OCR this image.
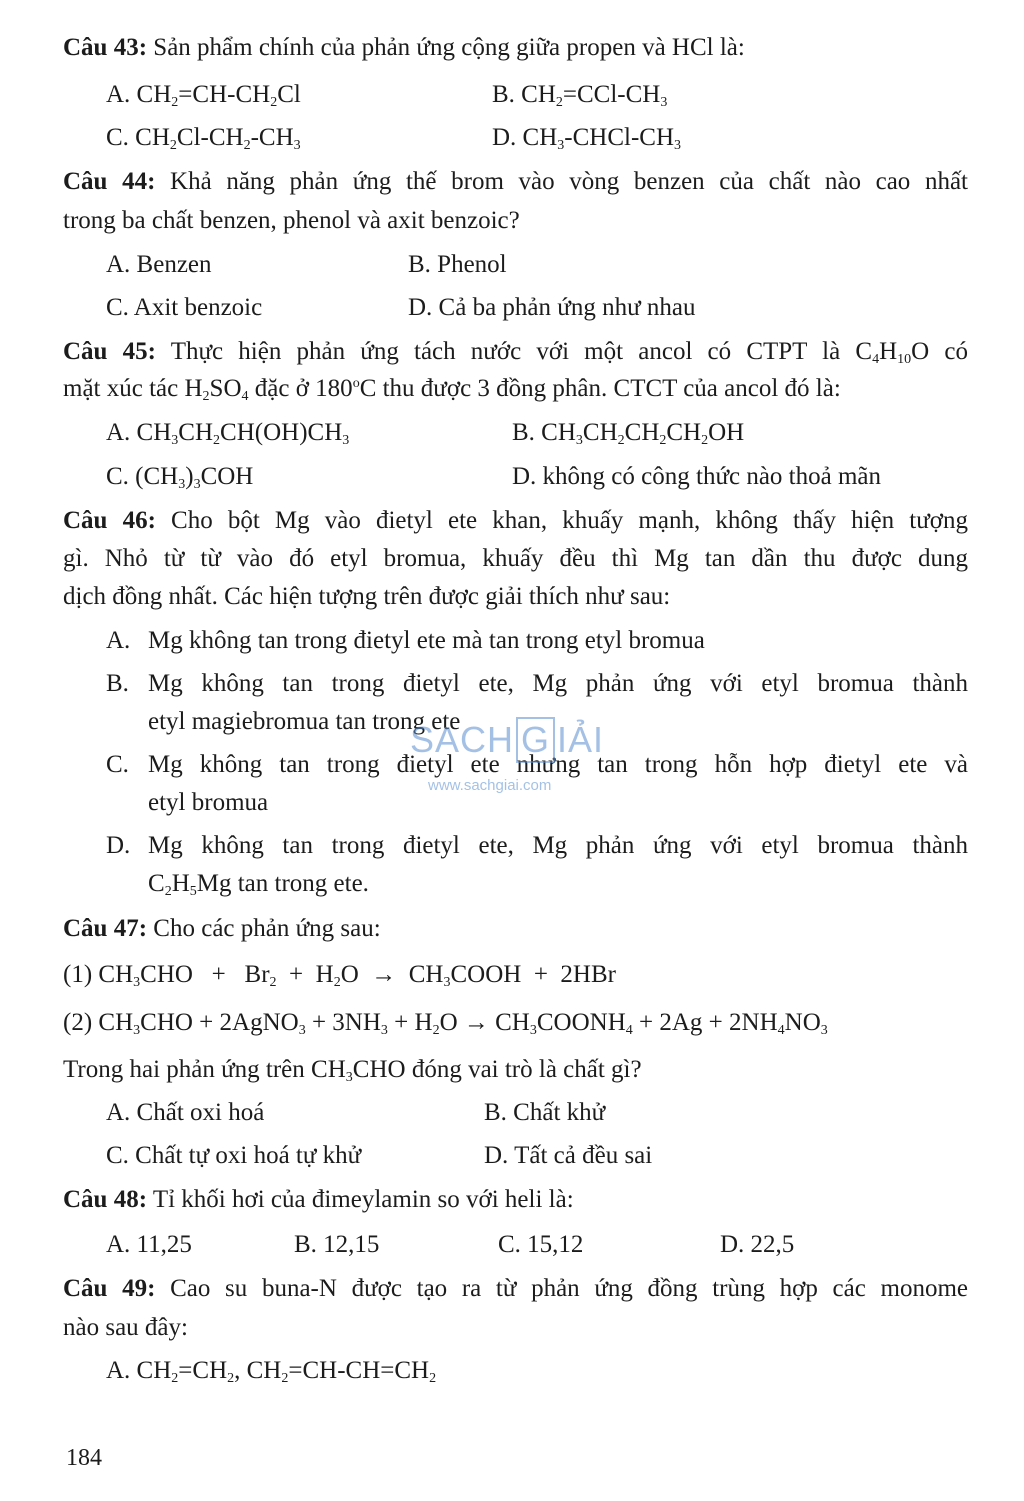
Câu 43: Sản phẩm chính của phản ứng cộng giữa propen và HCl là:
A. $CH_2=CH-CH_2Cl$	B. $CH_2=CCl-CH_3$
C. $CH_2Cl-CH_2-CH_3$	D. $CH_3-CHCl-CH_3$
Câu 44: Khả năng phản ứng thế brom vào vòng benzen của chất nào cao nhất
trong ba chất benzen, phenol và axit benzoic?
A. Benzen	B. Phenol
C. Axit benzoic	D. Cả ba phản ứng như nhau
Câu 45: Thực hiện phản ứng tách nước với một ancol có CTPT là $C_4H_{10}O$ có
mặt xúc tác $H_2SO_4$ đặc ở 180$^o$C thu được 3 đồng phân. CTCT của ancol đó là:
A. $CH_3CH_2CH(OH)CH_3$	B. $CH_3CH_2CH_2CH_2OH$
C. $(CH_3)_3COH$	D. không có công thức nào thoả mãn
Câu 46: Cho bột Mg vào đietyl ete khan, khuấy mạnh, không thấy hiện tượng
gì. Nhỏ từ từ vào đó etyl bromua, khuấy đều thì Mg tan dần thu được dung
dịch đồng nhất. Các hiện tượng trên được giải thích như sau:
A. Mg không tan trong đietyl ete mà tan trong etyl bromua
B. Mg không tan trong đietyl ete, Mg phản ứng với etyl bromua thành
etyl magiebromua tan trong ete
C. Mg không tan trong đietyl ete nhưng tan trong hỗn hợp đietyl ete và
etyl bromua
D. Mg không tan trong đietyl ete, Mg phản ứng với etyl bromua thành
$C_2H_5Mg$ tan trong ete.
SACH G IẢI
www.sachgiai.com
Câu 47: Cho các phản ứng sau:
(1) $CH_3CHO + Br_2 + H_2O$  →  $CH_3COOH + 2HBr$
(2) $CH_3CHO$ + 2AgNO$_3$ + $3NH_3 + H_2O$ → $CH_3COONH_4 + 2Ag + 2NH_4NO_3$
Trong hai phản ứng trên $CH_3CHO$ đóng vai trò là chất gì?
A. Chất oxi hoá	B. Chất khử
C. Chất tự oxi hoá tự khử	D. Tất cả đều sai
Câu 48: Tỉ khối hơi của đimeylamin so với heli là:
A. 11,25	B. 12,15	C. 15,12	D. 22,5
Câu 49: Cao su buna-N được tạo ra từ phản ứng đồng trùng hợp các monome
nào sau đây:
A. $CH_2=CH_2$, $CH_2=CH-CH=CH_2$
184
